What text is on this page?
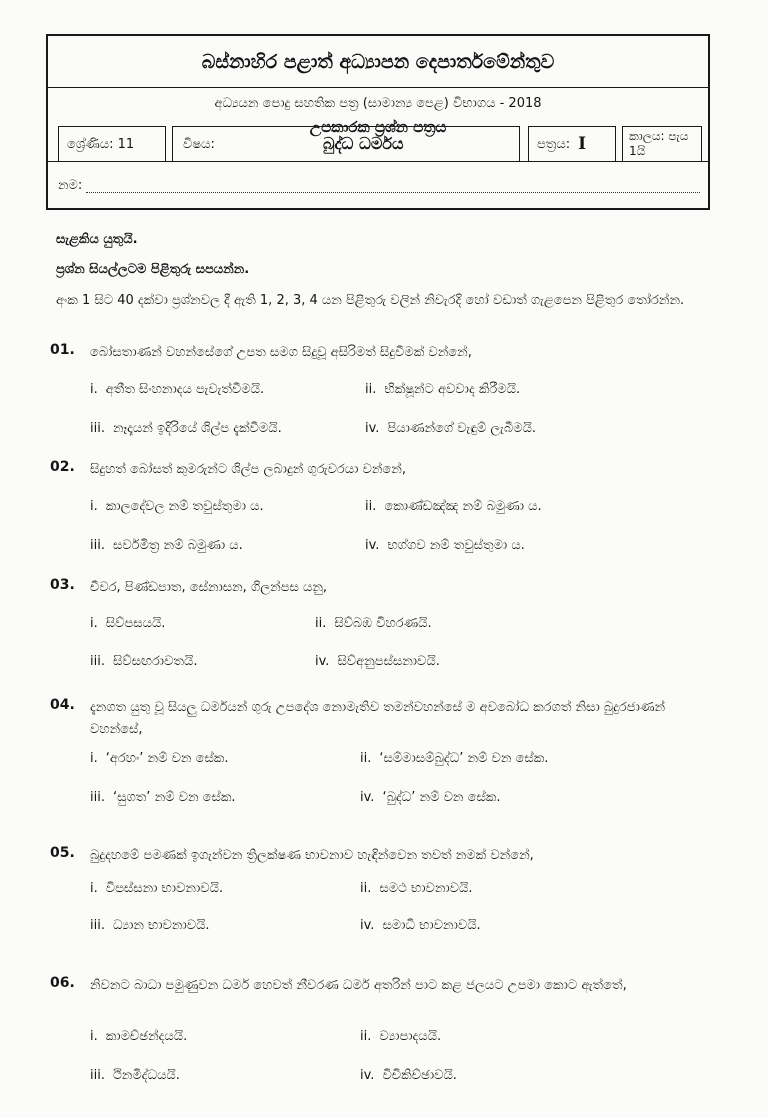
බස්නාහිර පළාත් අධ්‍යාපන දෙපාර්තමේන්තුව
අධ්‍යයන පොදු සහතික පත්‍ර (සාමාන්‍ය පෙළ) විභාගය - 2018
උපකාරක ප්‍රශ්න පත්‍රය
ශ්‍රේණිය: 11	විෂය:	බුද්ධ ධර්මය	පත්‍රය: I	කාලය: පැය 1යි
නම:
සැළකිය යුතුයි.
ප්‍රශ්න සියල්ලටම පිළිතුරු සපයන්න.
අංක 1 සිට 40 දක්වා ප්‍රශ්නවල දී ඇති 1, 2, 3, 4 යන පිළිතුරු වලින් නිවැරදි හෝ වඩාත් ගැළපෙන පිළිතුර තෝරන්න.
01. බෝසතාණන් වහන්සේගේ උපත සමග සිදුවූ අසිරිමත් සිදුවීමක් වන්නේ,
i. අතීත සිංහනාදය පැවැත්වීමයි.	ii. භික්ෂූන්ට අවවාද කිරීමයි.
iii. නෑදෑයන් ඉදිරියේ ශිල්ප දැක්වීමයි.	iv. පියාණන්ගේ වැඳුම් ලැබීමයි.
02. සිදුහත් බෝසත් කුමරුන්ට ශිල්ප ලබාදුන් ගුරුවරයා වන්නේ,
i. කාලදේවල නම් තවුස්තුමා ය.	ii. කොණ්ඩඤ්ඤ නම් බමුණා ය.
iii. සර්වමිත්‍ර නම් බමුණා ය.	iv. භග්ගව නම් තවුස්තුමා ය.
03. චීවර, පිණ්ඩපාත, සේනාසන, ගිලන්පස යනු,
i. සිව්පසයයි.	ii. සිව්බඹ විහරණයි.
iii. සිව්සඟරාවතයි.	iv. සිව්අනුපස්සනාවයි.
04. දැනගත යුතු වූ සියලු ධර්මයන් ගුරු උපදේශ නොමැතිව තමන්වහන්සේ ම අවබෝධ කරගත් නිසා බුදුරජාණන් වහන්සේ,
i. ‘අරහං’ නම් වන සේක.	ii. ‘සම්මාසම්බුද්ධ’ නම් වන සේක.
iii. ‘සුගත’ නම් වන සේක.	iv. ‘බුද්ධ’ නම් වන සේක.
05. බුදුදහමේ පමණක් ඉගැන්වන ත්‍රිලක්ෂණ භාවනාව හැඳින්වෙන තවත් නමක් වන්නේ,
i. විපස්සනා භාවනාවයි.	ii. සමථ භාවනාවයි.
iii. ධ්‍යාන භාවනාවයි.	iv. සමාධි භාවනාවයි.
06. නිවනට බාධා පමුණුවන ධර්ම හෙවත් නීවරණ ධර්ම අතරින් පාට කළ ජලයට උපමා කොට ඇත්තේ,
i. කාමච්ඡන්දයයි.	ii. ව්‍යාපාදයයි.
iii. ථිනමිද්ධයයි.	iv. විචිකිච්ඡාවයි.
